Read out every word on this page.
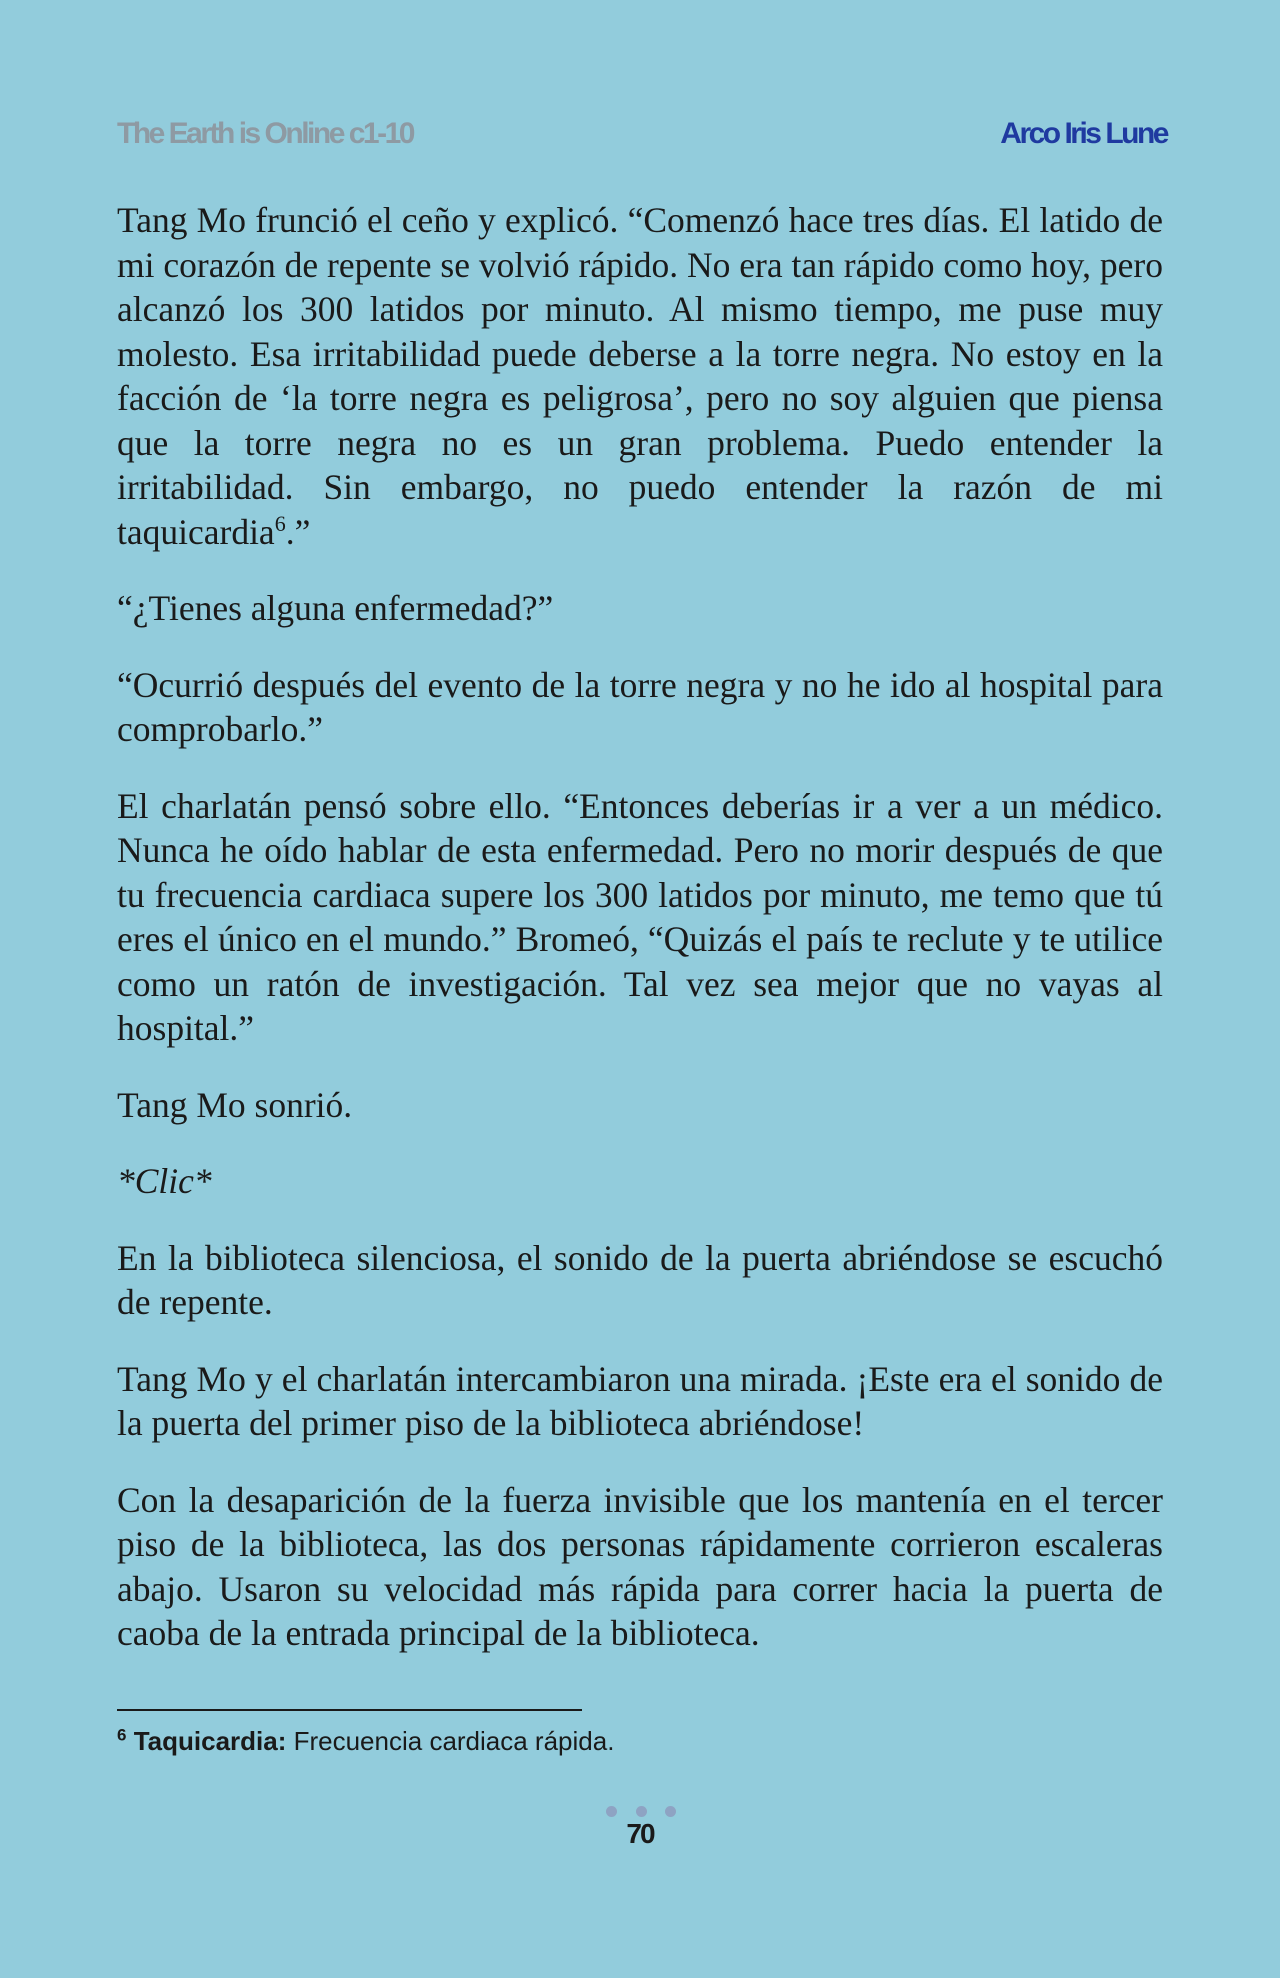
The Earth is Online c1-10	Arco Iris Lune

Tang Mo frunció el ceño y explicó. “Comenzó hace tres días. El latido de mi corazón de repente se volvió rápido. No era tan rápido como hoy, pero alcanzó los 300 latidos por minuto. Al mismo tiempo, me puse muy molesto. Esa irritabilidad puede deberse a la torre negra. No estoy en la facción de ‘la torre negra es peligrosa’, pero no soy alguien que piensa que la torre negra no es un gran problema. Puedo entender la irritabilidad. Sin embargo, no puedo entender la razón de mi taquicardia$^6$.”

“¿Tienes alguna enfermedad?”

“Ocurrió después del evento de la torre negra y no he ido al hospital para comprobarlo.”

El charlatán pensó sobre ello. “Entonces deberías ir a ver a un médico. Nunca he oído hablar de esta enfermedad. Pero no morir después de que tu frecuencia cardiaca supere los 300 latidos por minuto, me temo que tú eres el único en el mundo.” Bromeó, “Quizás el país te reclute y te utilice como un ratón de investigación. Tal vez sea mejor que no vayas al hospital.”

Tang Mo sonrió.

*Clic*

En la biblioteca silenciosa, el sonido de la puerta abriéndose se escuchó de repente.

Tang Mo y el charlatán intercambiaron una mirada. ¡Este era el sonido de la puerta del primer piso de la biblioteca abriéndose!

Con la desaparición de la fuerza invisible que los mantenía en el tercer piso de la biblioteca, las dos personas rápidamente corrieron escaleras abajo. Usaron su velocidad más rápida para correr hacia la puerta de caoba de la entrada principal de la biblioteca.

$^6$ Taquicardia: Frecuencia cardiaca rápida.
70
